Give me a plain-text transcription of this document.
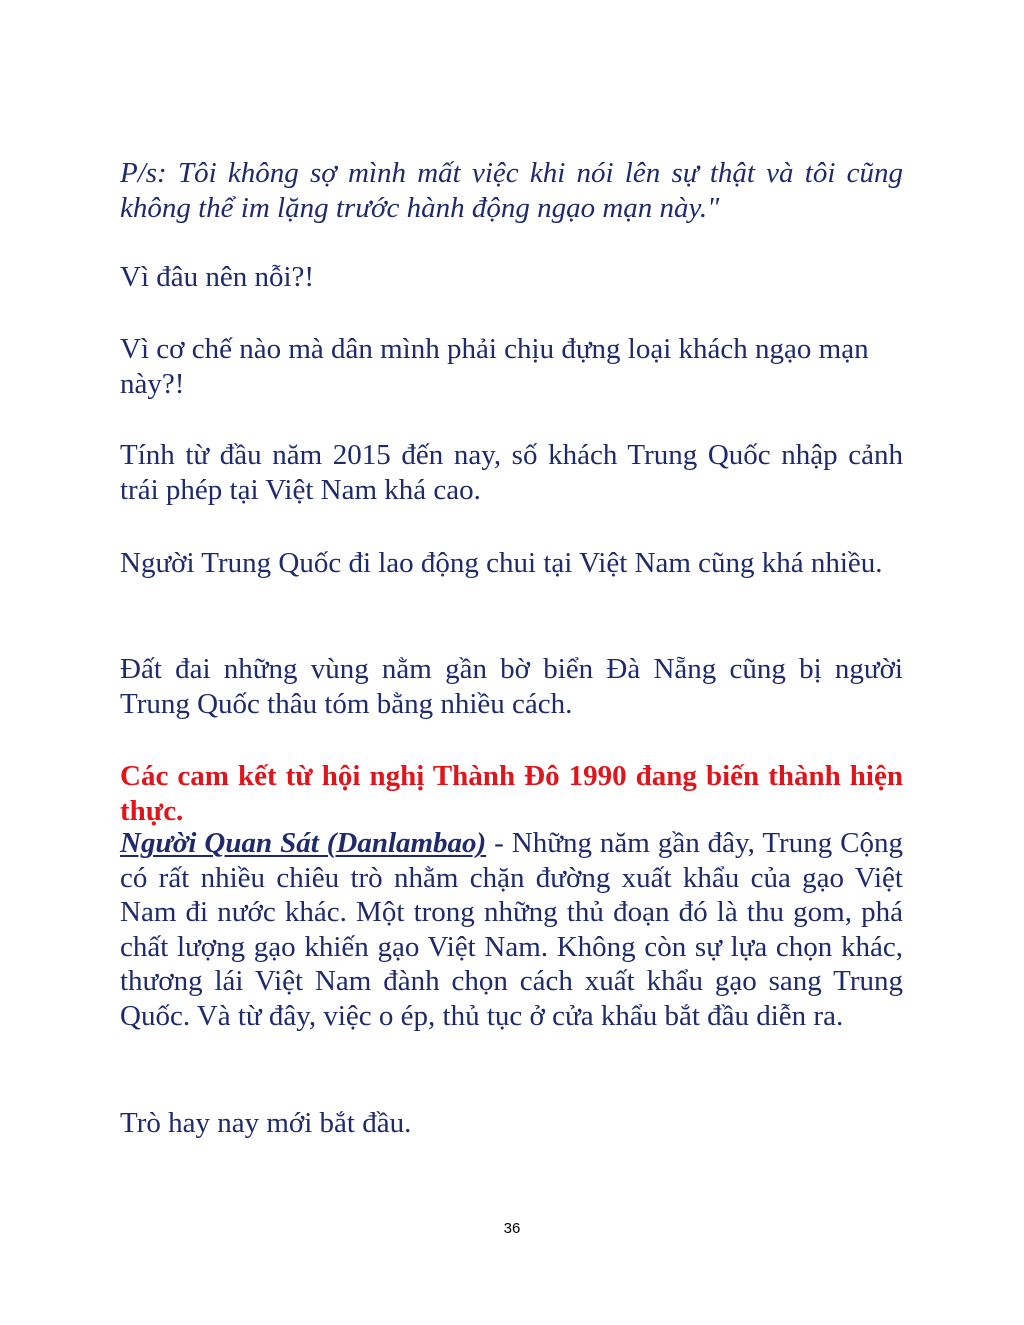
P/s: Tôi không sợ mình mất việc khi nói lên sự thật và tôi cũng không thể im lặng trước hành động ngạo mạn này."

Vì đâu nên nỗi?!

Vì cơ chế nào mà dân mình phải chịu đựng loại khách ngạo mạn này?!

Tính từ đầu năm 2015 đến nay, số khách Trung Quốc nhập cảnh trái phép tại Việt Nam khá cao.

Người Trung Quốc đi lao động chui tại Việt Nam cũng khá nhiều.

Đất đai những vùng nằm gần bờ biển Đà Nẵng cũng bị người Trung Quốc thâu tóm bằng nhiều cách.

Các cam kết từ hội nghị Thành Đô 1990 đang biến thành hiện thực.

Người Quan Sát (Danlambao) - Những năm gần đây, Trung Cộng có rất nhiều chiêu trò nhằm chặn đường xuất khẩu của gạo Việt Nam đi nước khác. Một trong những thủ đoạn đó là thu gom, phá chất lượng gạo khiến gạo Việt Nam. Không còn sự lựa chọn khác, thương lái Việt Nam đành chọn cách xuất khẩu gạo sang Trung Quốc. Và từ đây, việc o ép, thủ tục ở cửa khẩu bắt đầu diễn ra.

Trò hay nay mới bắt đầu.

36
